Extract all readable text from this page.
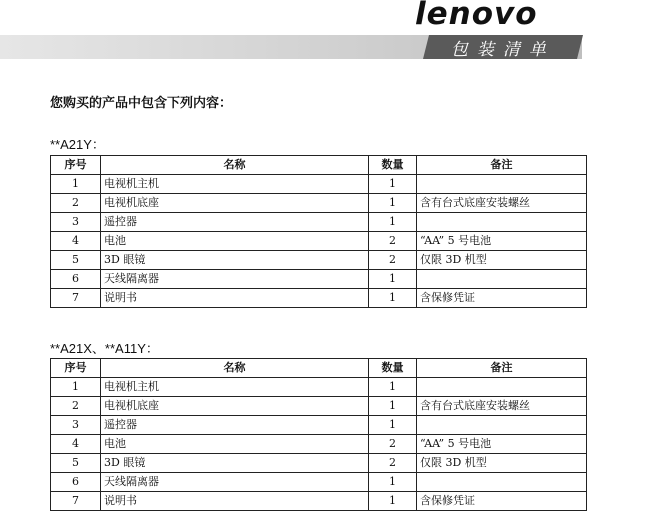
lenovo
包装清单
您购买的产品中包含下列内容：
**A21Y：
序号	名称	数量	备注
1	电视机主机	1	
2	电视机底座	1	含有台式底座安装螺丝
3	遥控器	1	
4	电池	2	“AA” 5 号电池
5	3D 眼镜	2	仅限 3D 机型
6	天线隔离器	1	
7	说明书	1	含保修凭证
**A21X、**A11Y：
序号	名称	数量	备注
1	电视机主机	1	
2	电视机底座	1	含有台式底座安装螺丝
3	遥控器	1	
4	电池	2	“AA” 5 号电池
5	3D 眼镜	2	仅限 3D 机型
6	天线隔离器	1	
7	说明书	1	含保修凭证
